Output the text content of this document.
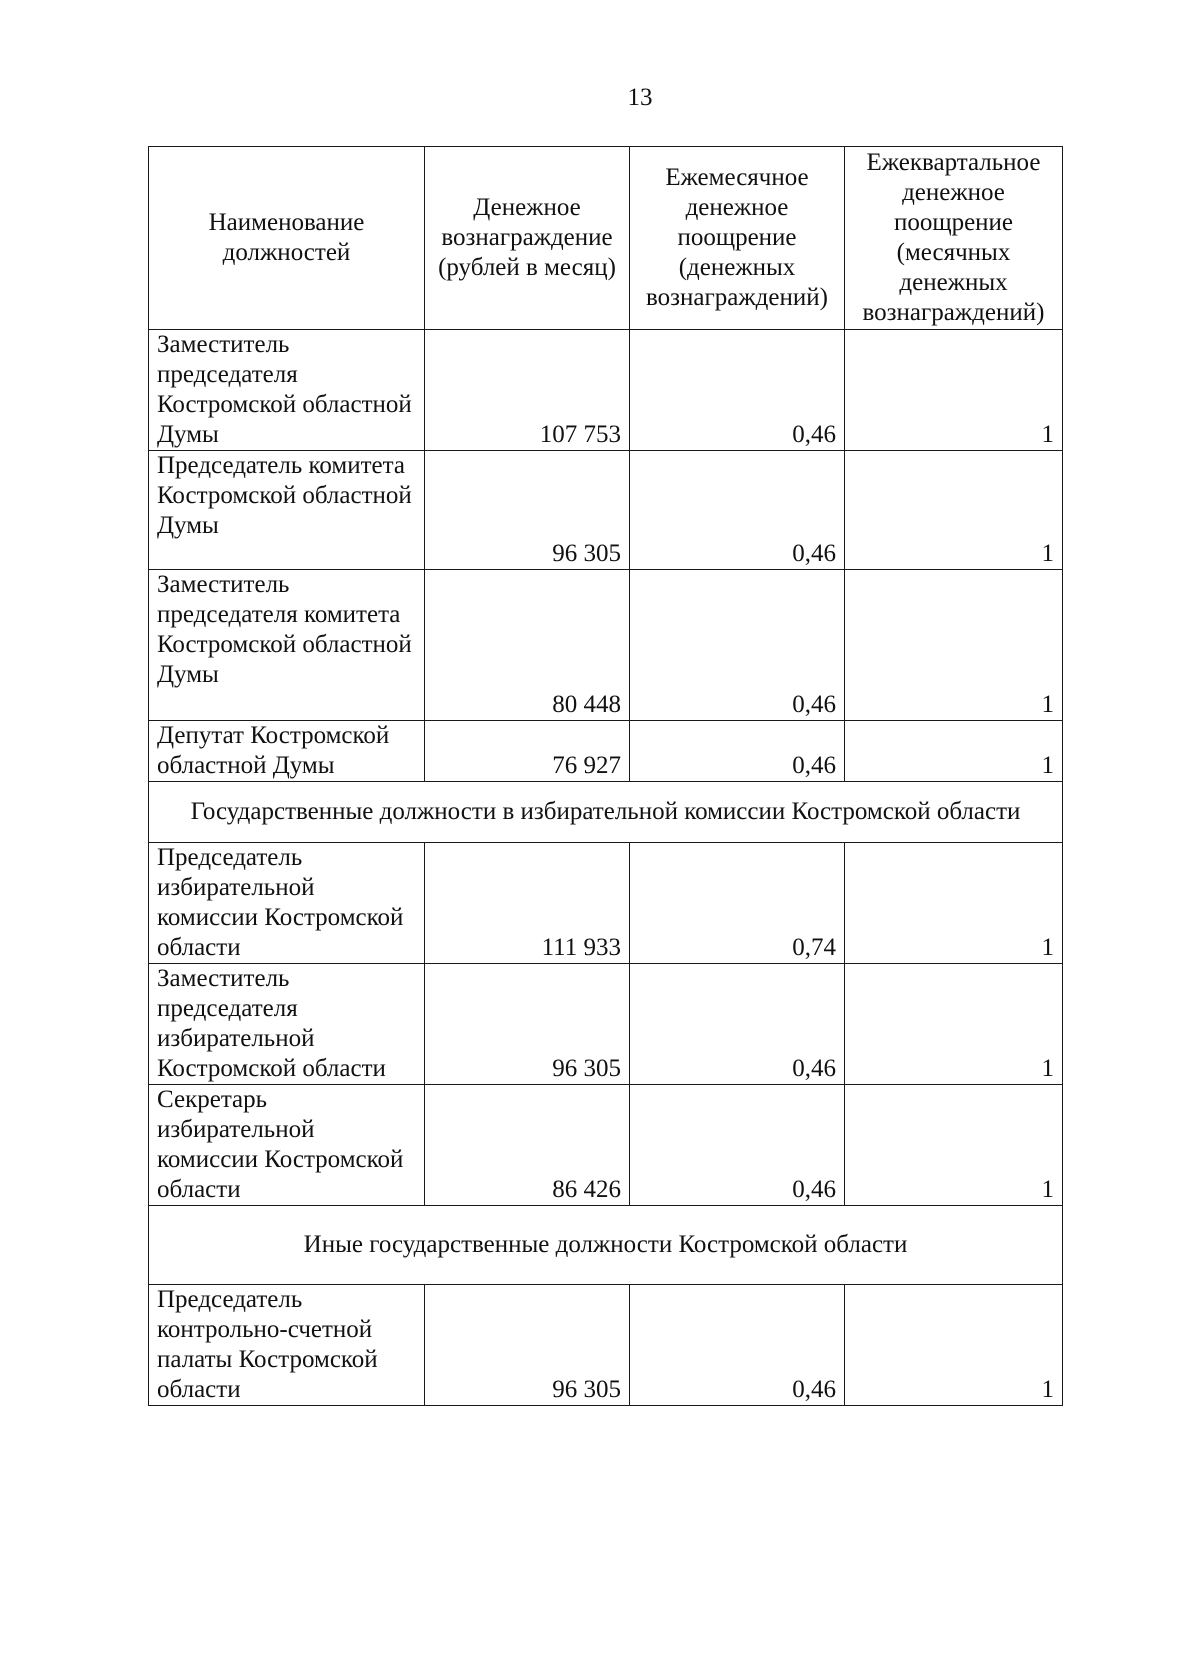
13
Наименование должностей	Денежное вознаграждение (рублей в месяц)	Ежемесячное денежное поощрение (денежных вознаграждений)	Ежеквартальное денежное поощрение (месячных денежных вознаграждений)
Заместитель председателя Костромской областной Думы	107 753	0,46	1
Председатель комитета Костромской областной Думы	96 305	0,46	1
Заместитель председателя комитета Костромской областной Думы	80 448	0,46	1
Депутат Костромской областной Думы	76 927	0,46	1
Государственные должности в избирательной комиссии Костромской области			
Председатель избирательной комиссии Костромской области	111 933	0,74	1
Заместитель председателя избирательной Костромской области	96 305	0,46	1
Секретарь избирательной комиссии Костромской области	86 426	0,46	1
Иные государственные должности Костромской области			
Председатель контрольно-счетной палаты Костромской области	96 305	0,46	1
